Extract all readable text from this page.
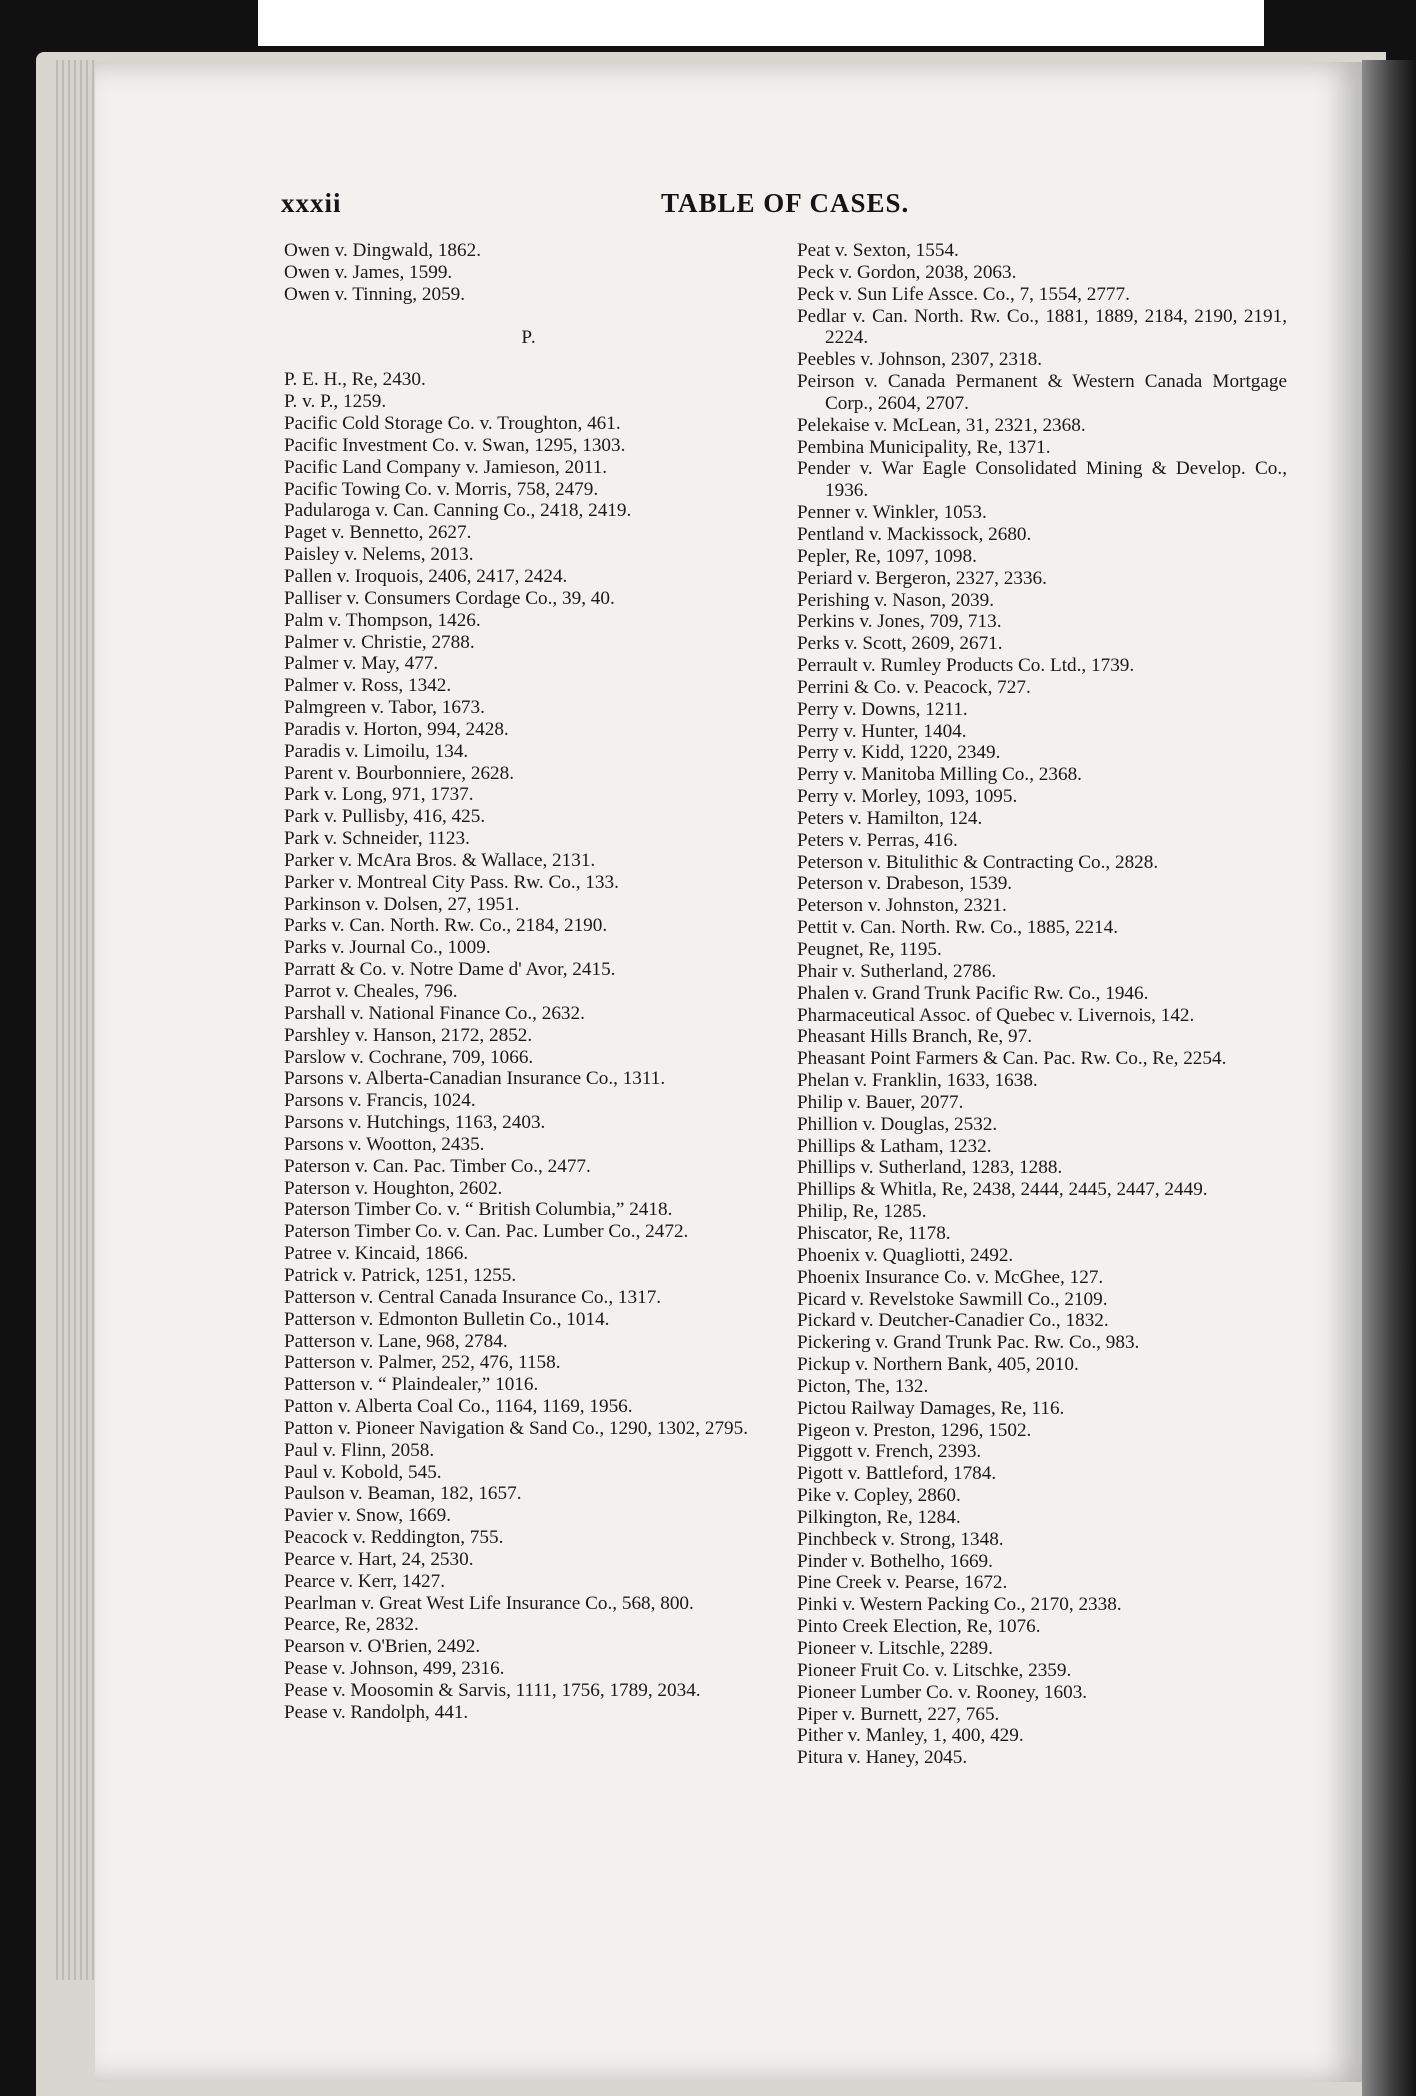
xxxii	TABLE OF CASES.
Owen v. Dingwald, 1862.
Owen v. James, 1599.
Owen v. Tinning, 2059.
P.
P. E. H., Re, 2430.
P. v. P., 1259.
Pacific Cold Storage Co. v. Troughton, 461.
Pacific Investment Co. v. Swan, 1295, 1303.
Pacific Land Company v. Jamieson, 2011.
Pacific Towing Co. v. Morris, 758, 2479.
Padularoga v. Can. Canning Co., 2418, 2419.
Paget v. Bennetto, 2627.
Paisley v. Nelems, 2013.
Pallen v. Iroquois, 2406, 2417, 2424.
Palliser v. Consumers Cordage Co., 39, 40.
Palm v. Thompson, 1426.
Palmer v. Christie, 2788.
Palmer v. May, 477.
Palmer v. Ross, 1342.
Palmgreen v. Tabor, 1673.
Paradis v. Horton, 994, 2428.
Paradis v. Limoilu, 134.
Parent v. Bourbonniere, 2628.
Park v. Long, 971, 1737.
Park v. Pullisby, 416, 425.
Park v. Schneider, 1123.
Parker v. McAra Bros. & Wallace, 2131.
Parker v. Montreal City Pass. Rw. Co., 133.
Parkinson v. Dolsen, 27, 1951.
Parks v. Can. North. Rw. Co., 2184, 2190.
Parks v. Journal Co., 1009.
Parratt & Co. v. Notre Dame d' Avor, 2415.
Parrot v. Cheales, 796.
Parshall v. National Finance Co., 2632.
Parshley v. Hanson, 2172, 2852.
Parslow v. Cochrane, 709, 1066.
Parsons v. Alberta-Canadian Insurance Co., 1311.
Parsons v. Francis, 1024.
Parsons v. Hutchings, 1163, 2403.
Parsons v. Wootton, 2435.
Paterson v. Can. Pac. Timber Co., 2477.
Paterson v. Houghton, 2602.
Paterson Timber Co. v. “ British Columbia,” 2418.
Paterson Timber Co. v. Can. Pac. Lumber Co., 2472.
Patree v. Kincaid, 1866.
Patrick v. Patrick, 1251, 1255.
Patterson v. Central Canada Insurance Co., 1317.
Patterson v. Edmonton Bulletin Co., 1014.
Patterson v. Lane, 968, 2784.
Patterson v. Palmer, 252, 476, 1158.
Patterson v. “ Plaindealer,” 1016.
Patton v. Alberta Coal Co., 1164, 1169, 1956.
Patton v. Pioneer Navigation & Sand Co., 1290, 1302, 2795.
Paul v. Flinn, 2058.
Paul v. Kobold, 545.
Paulson v. Beaman, 182, 1657.
Pavier v. Snow, 1669.
Peacock v. Reddington, 755.
Pearce v. Hart, 24, 2530.
Pearce v. Kerr, 1427.
Pearlman v. Great West Life Insurance Co., 568, 800.
Pearce, Re, 2832.
Pearson v. O'Brien, 2492.
Pease v. Johnson, 499, 2316.
Pease v. Moosomin & Sarvis, 1111, 1756, 1789, 2034.
Pease v. Randolph, 441.
Peat v. Sexton, 1554.
Peck v. Gordon, 2038, 2063.
Peck v. Sun Life Assce. Co., 7, 1554, 2777.
Pedlar v. Can. North. Rw. Co., 1881, 1889, 2184, 2190, 2191, 2224.
Peebles v. Johnson, 2307, 2318.
Peirson v. Canada Permanent & Western Canada Mortgage Corp., 2604, 2707.
Pelekaise v. McLean, 31, 2321, 2368.
Pembina Municipality, Re, 1371.
Pender v. War Eagle Consolidated Mining & Develop. Co., 1936.
Penner v. Winkler, 1053.
Pentland v. Mackissock, 2680.
Pepler, Re, 1097, 1098.
Periard v. Bergeron, 2327, 2336.
Perishing v. Nason, 2039.
Perkins v. Jones, 709, 713.
Perks v. Scott, 2609, 2671.
Perrault v. Rumley Products Co. Ltd., 1739.
Perrini & Co. v. Peacock, 727.
Perry v. Downs, 1211.
Perry v. Hunter, 1404.
Perry v. Kidd, 1220, 2349.
Perry v. Manitoba Milling Co., 2368.
Perry v. Morley, 1093, 1095.
Peters v. Hamilton, 124.
Peters v. Perras, 416.
Peterson v. Bitulithic & Contracting Co., 2828.
Peterson v. Drabeson, 1539.
Peterson v. Johnston, 2321.
Pettit v. Can. North. Rw. Co., 1885, 2214.
Peugnet, Re, 1195.
Phair v. Sutherland, 2786.
Phalen v. Grand Trunk Pacific Rw. Co., 1946.
Pharmaceutical Assoc. of Quebec v. Livernois, 142.
Pheasant Hills Branch, Re, 97.
Pheasant Point Farmers & Can. Pac. Rw. Co., Re, 2254.
Phelan v. Franklin, 1633, 1638.
Philip v. Bauer, 2077.
Phillion v. Douglas, 2532.
Phillips & Latham, 1232.
Phillips v. Sutherland, 1283, 1288.
Phillips & Whitla, Re, 2438, 2444, 2445, 2447, 2449.
Philip, Re, 1285.
Phiscator, Re, 1178.
Phoenix v. Quagliotti, 2492.
Phoenix Insurance Co. v. McGhee, 127.
Picard v. Revelstoke Sawmill Co., 2109.
Pickard v. Deutcher-Canadier Co., 1832.
Pickering v. Grand Trunk Pac. Rw. Co., 983.
Pickup v. Northern Bank, 405, 2010.
Picton, The, 132.
Pictou Railway Damages, Re, 116.
Pigeon v. Preston, 1296, 1502.
Piggott v. French, 2393.
Pigott v. Battleford, 1784.
Pike v. Copley, 2860.
Pilkington, Re, 1284.
Pinchbeck v. Strong, 1348.
Pinder v. Bothelho, 1669.
Pine Creek v. Pearse, 1672.
Pinki v. Western Packing Co., 2170, 2338.
Pinto Creek Election, Re, 1076.
Pioneer v. Litschle, 2289.
Pioneer Fruit Co. v. Litschke, 2359.
Pioneer Lumber Co. v. Rooney, 1603.
Piper v. Burnett, 227, 765.
Pither v. Manley, 1, 400, 429.
Pitura v. Haney, 2045.
